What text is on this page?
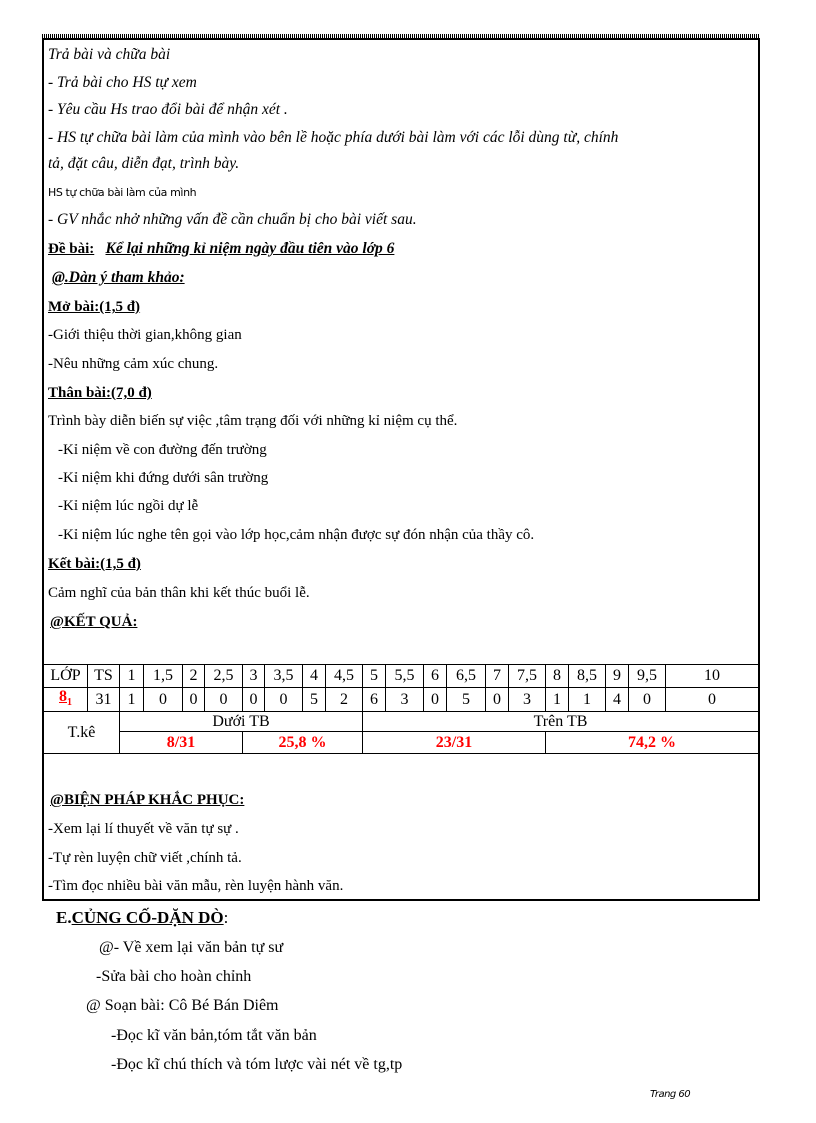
Trả bài và chữa bài
- Trả bài cho HS tự xem
- Yêu cầu Hs trao đổi bài để nhận xét .
- HS tự chữa bài làm của mình vào bên lề hoặc phía dưới bài làm với các lỗi dùng từ, chính
tả, đặt câu, diễn đạt, trình bày.
HS tự chữa bài làm của mình
- GV nhắc nhở những vấn đề cần chuẩn bị cho bài viết sau.
Đề bài: Kể lại những kỉ niệm ngày đầu tiên vào lớp 6
@.Dàn ý tham khảo:
Mở bài:(1,5 đ)
-Giới thiệu thời gian,không gian
-Nêu những cảm xúc chung.
Thân bài:(7,0 đ)
Trình bày diễn biến sự việc ,tâm trạng đối với những kỉ niệm cụ thể.
-Kỉ niệm về con đường đến trường
-Kỉ niệm khi đứng dưới sân trường
-Kỉ niệm lúc ngồi dự lễ
-Kỉ niệm lúc nghe tên gọi vào lớp học,cảm nhận được sự đón nhận của thầy cô.
Kết bài:(1,5 đ)
Cảm nghĩ của bản thân khi kết thúc buổi lễ.
@KẾT QUẢ:
LỚP	TS	1	1,5	2	2,5	3	3,5	4	4,5	5	5,5	6	6,5	7	7,5	8	8,5	9	9,5	10
$8_1$	31	1	0	0	0	0	0	5	2	6	3	0	5	0	3	1	1	4	0	0
T.kê		Dưới TB								Trên TB										
		8/31				25,8 %				23/31						74,2 %				
@BIỆN PHÁP KHẮC PHỤC:
-Xem lại lí thuyết về văn tự sự .
-Tự rèn luyện chữ viết ,chính tả.
-Tìm đọc nhiều bài văn mẫu, rèn luyện hành văn.
E.CỦNG CỐ-DẶN DÒ:
@- Về xem lại văn bản tự sư
-Sửa bài cho hoàn chỉnh
@ Soạn bài: Cô Bé Bán Diêm
-Đọc kĩ văn bản,tóm tắt văn bản
-Đọc kĩ chú thích và tóm lược vài nét về tg,tp
Trang 60
